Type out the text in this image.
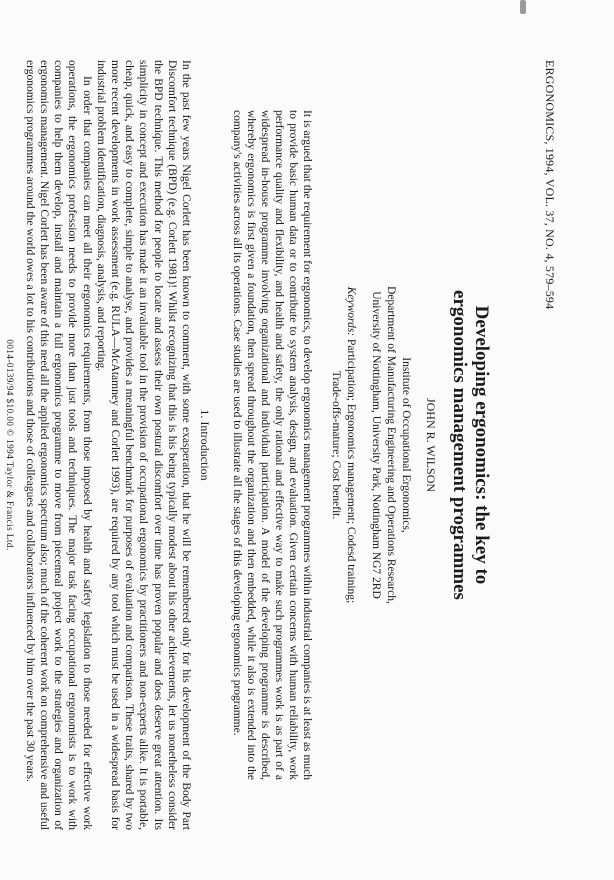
ERGONOMICS, 1994, VOL. 37, NO. 4, 579–594
Developing ergonomics: the key to
ergonomics management programmes
JOHN R. WILSON
Institute of Occupational Ergonomics,
Department of Manufacturing Engineering and Operations Research,
University of Nottingham, University Park, Nottingham NG7 2RD
Keywords: Participation; Ergonomics management; Codesd training;
Trade-offs-mature; Cost benefit.
It is argued that the requirement for ergonomics, to develop ergonomics management programmes within industrial companies is at least as much to provide basic human data or to contribute to system analysis, design, and evaluation. Given certain concerns with human reliability, work performance quality and flexibility, and health and safety, the only rational and effective way to make such programmes work is as part of a widespread in-house programme involving organizational and individual participation. A model of the developing programme is described, whereby ergonomics is first given a foundation, then spread throughout the organization and then embedded, while it also is extended into the company's activities across all its operations. Case studies are used to illustrate all the stages of this developing ergonomics programme.
1. Introduction

In the past few years Nigel Corlett has been known to comment, with some exasperation, that he will be remembered only for his development of the Body Part Discomfort technique (BPD) (e.g. Corlett 1981)! Whilst recognizing that this is his being typically modest about his other achievements, let us nonetheless consider the BPD technique. This method for people to locate and assess their own postural discomfort over time has proven popular and does deserve great attention. Its simplicity in concept and execution has made it an invaluable tool in the provision of occupational ergonomics by practitioners and non-experts alike. It is portable, cheap, quick, and easy to complete, simple to analyse, and provides a meaningful benchmark for purposes of evaluation and comparison. These traits, shared by two more recent developments in work assessment (e.g. RULA—McAtamney and Corlett 1993), are required by any tool which must be used in a widespread basis for industrial problem identification, diagnosis, analysis, and reporting.

In order that companies can meet all their ergonomics requirements, from those imposed by health and safety legislation to those needed for effective work operations, the ergonomics profession needs to provide more than just tools and techniques. The major task facing occupational ergonomists is to work with companies to help them develop, install and maintain a full ergonomics programme to move from piecemeal project work to the strategies and organization of ergonomics management. Nigel Corlett has been aware of this need all the applied ergonomics spectrum also; much of the coherent work on comprehensive and useful ergonomics programmes around the world owes a lot to his contributions and those of colleagues and collaborators influenced by him over the past 30 years.

0014-0139/94 $10.00 © 1994 Taylor & Francis Ltd.
